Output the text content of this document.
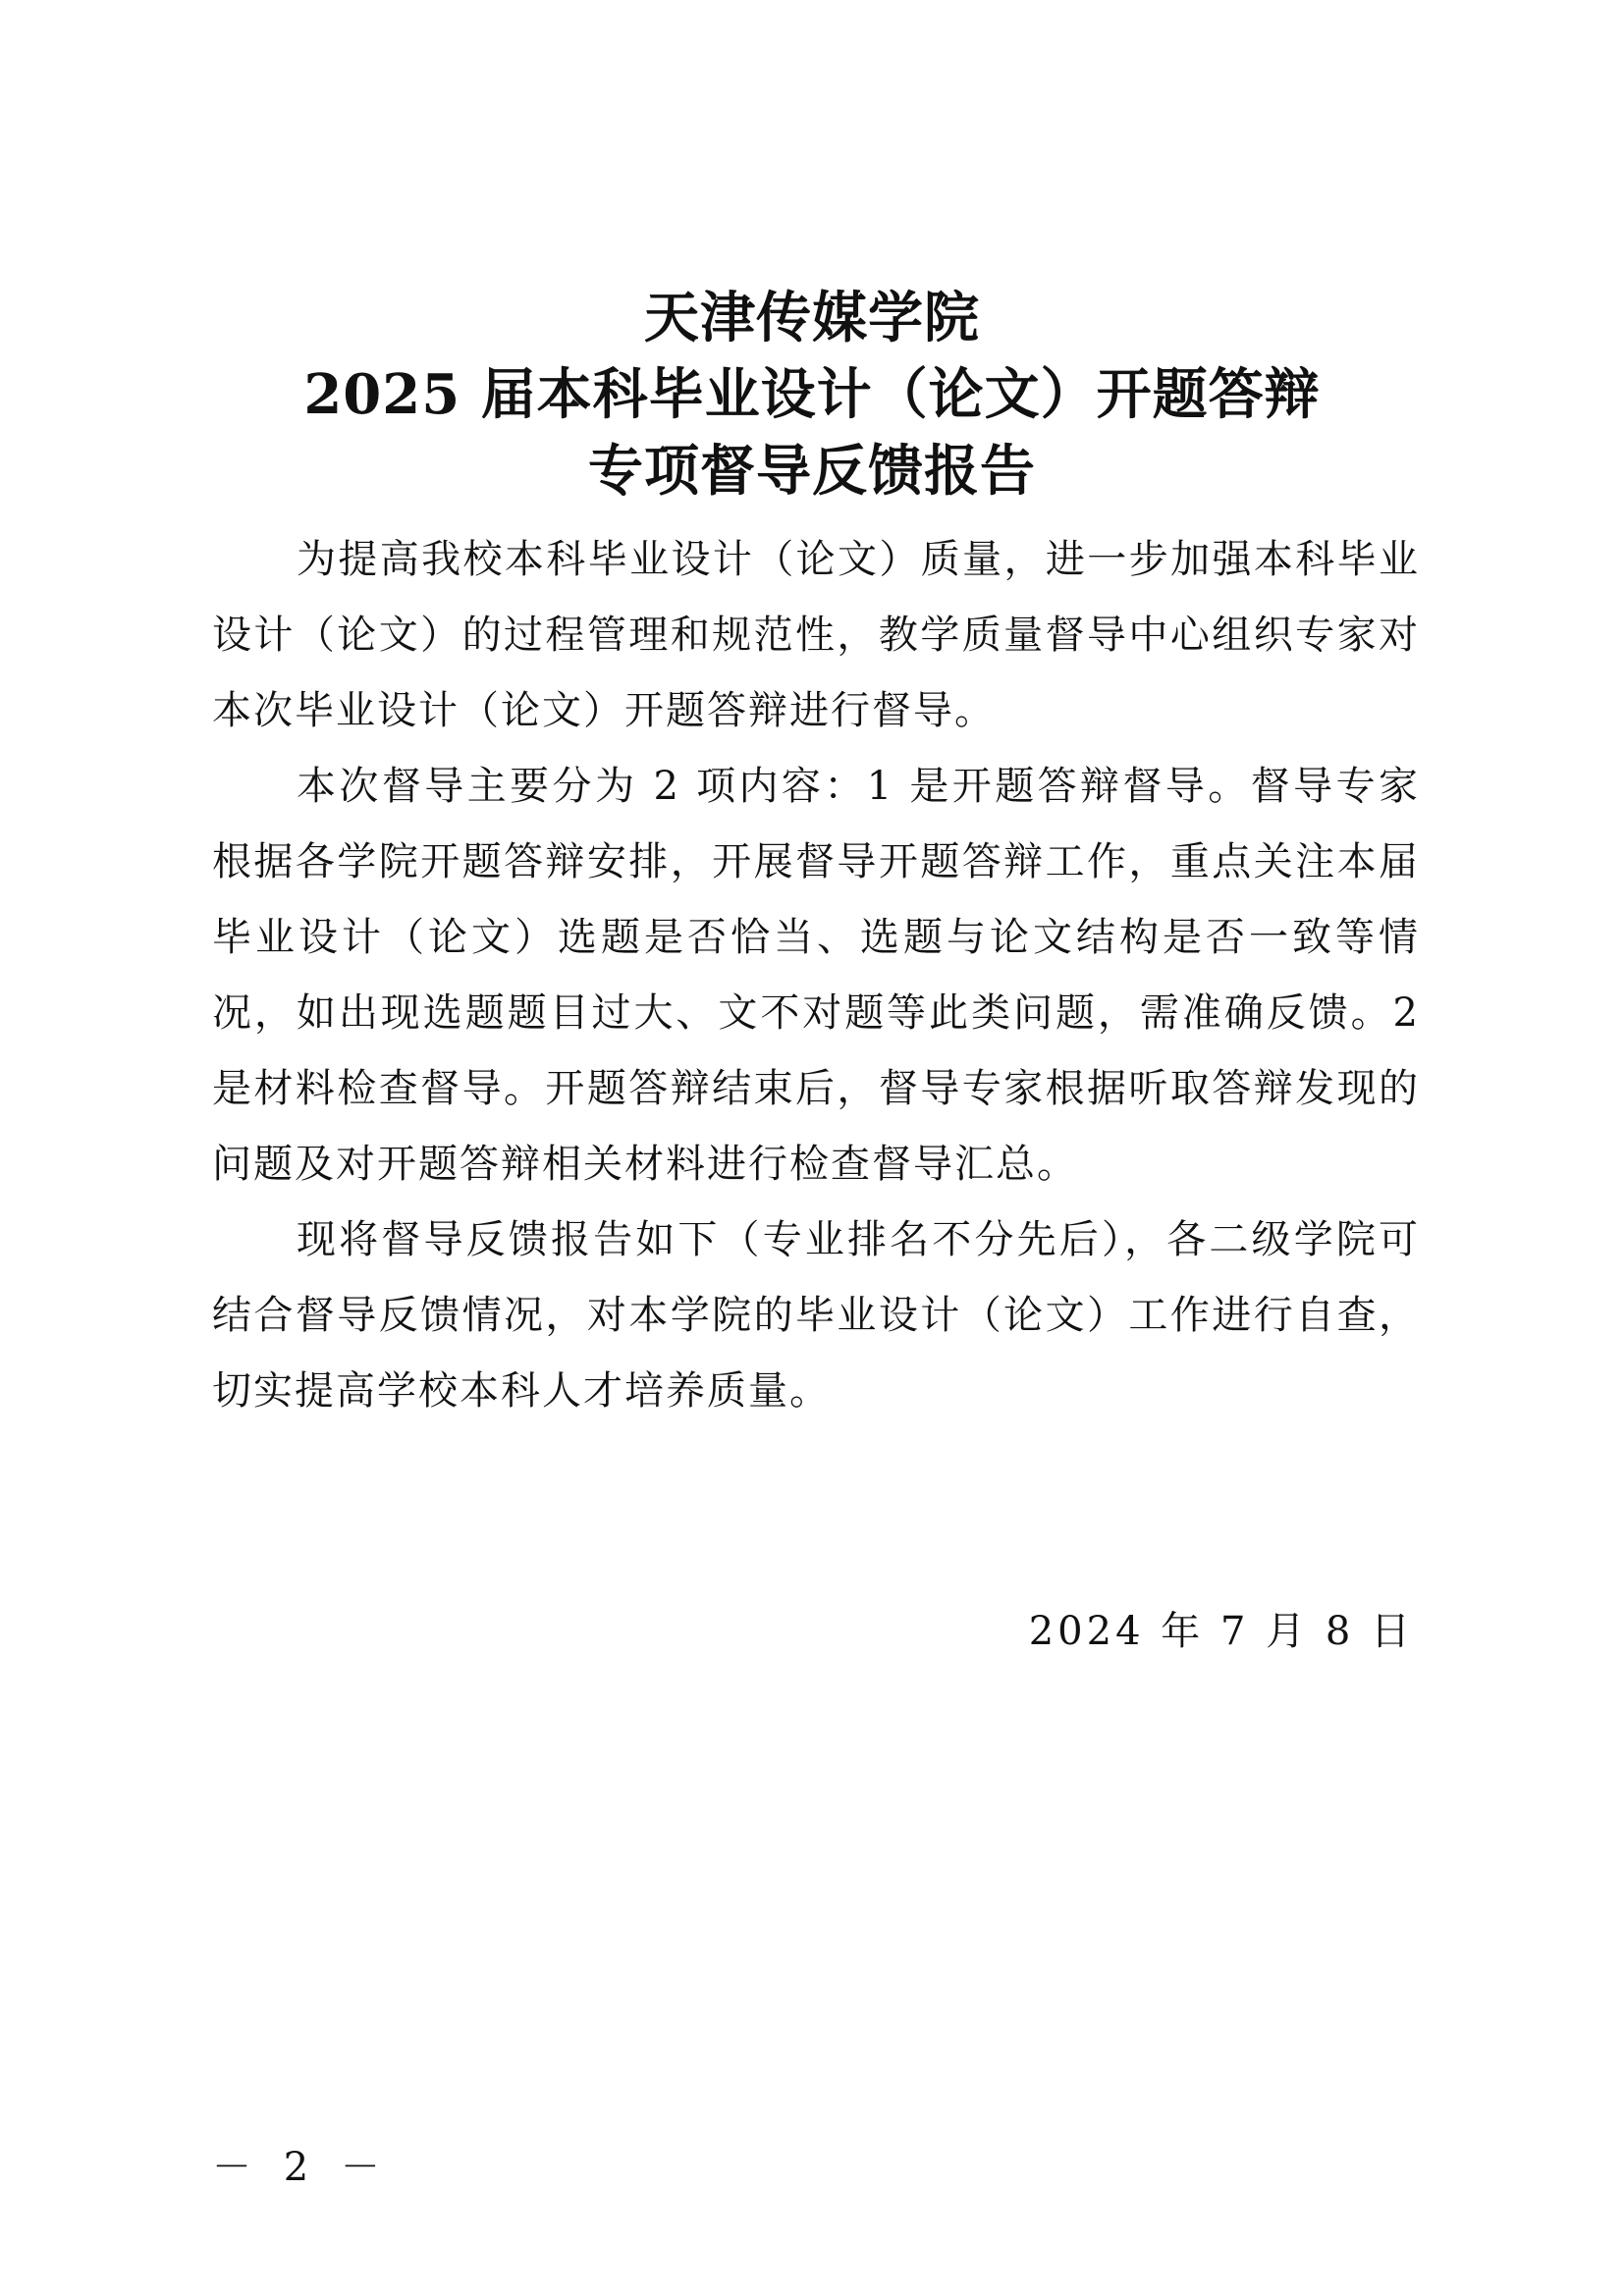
天津传媒学院
2025 届本科毕业设计（论文）开题答辩
专项督导反馈报告

为提高我校本科毕业设计（论文）质量，进一步加强本科毕业设计（论文）的过程管理和规范性，教学质量督导中心组织专家对本次毕业设计（论文）开题答辩进行督导。

本次督导主要分为 2 项内容：1 是开题答辩督导。督导专家根据各学院开题答辩安排，开展督导开题答辩工作，重点关注本届毕业设计（论文）选题是否恰当、选题与论文结构是否一致等情况，如出现选题题目过大、文不对题等此类问题，需准确反馈。2 是材料检查督导。开题答辩结束后，督导专家根据听取答辩发现的问题及对开题答辩相关材料进行检查督导汇总。

现将督导反馈报告如下（专业排名不分先后），各二级学院可结合督导反馈情况，对本学院的毕业设计（论文）工作进行自查，切实提高学校本科人才培养质量。

2024 年 7 月 8 日
－ 2 －
